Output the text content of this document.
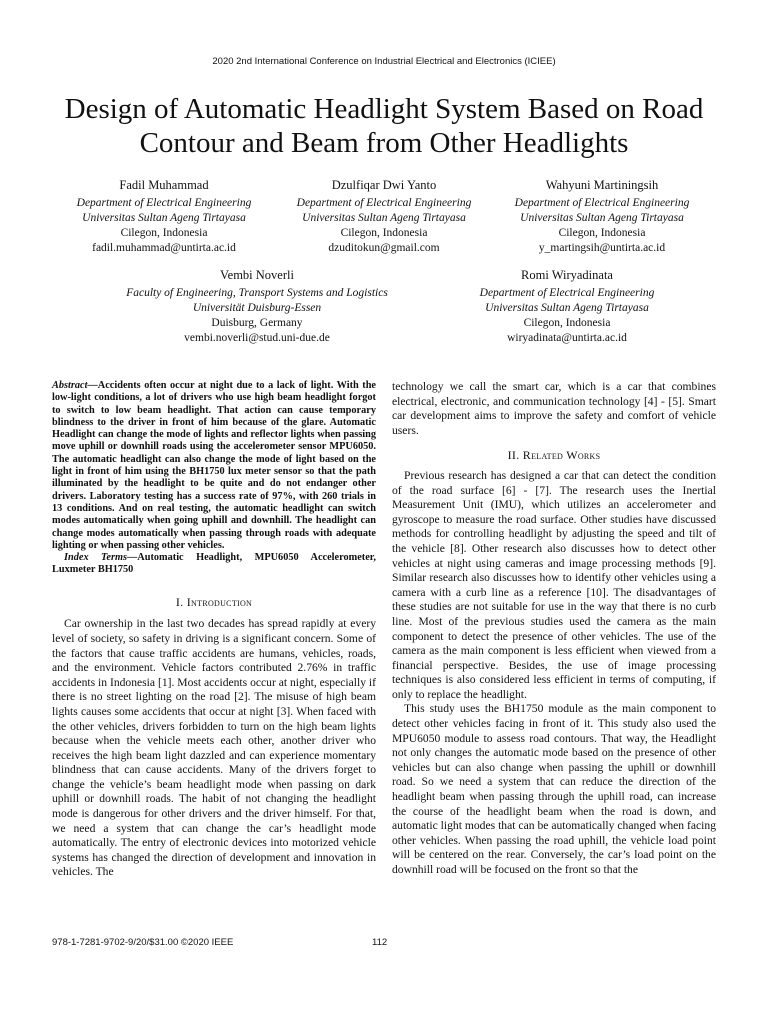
2020 2nd International Conference on Industrial Electrical and Electronics (ICIEE)
Design of Automatic Headlight System Based on Road Contour and Beam from Other Headlights
Fadil Muhammad
Department of Electrical Engineering
Universitas Sultan Ageng Tirtayasa
Cilegon, Indonesia
fadil.muhammad@untirta.ac.id
Dzulfiqar Dwi Yanto
Department of Electrical Engineering
Universitas Sultan Ageng Tirtayasa
Cilegon, Indonesia
dzuditokun@gmail.com
Wahyuni Martiningsih
Department of Electrical Engineering
Universitas Sultan Ageng Tirtayasa
Cilegon, Indonesia
y_martingsih@untirta.ac.id
Vembi Noverli
Faculty of Engineering, Transport Systems and Logistics
Universität Duisburg-Essen
Duisburg, Germany
vembi.noverli@stud.uni-due.de
Romi Wiryadinata
Department of Electrical Engineering
Universitas Sultan Ageng Tirtayasa
Cilegon, Indonesia
wiryadinata@untirta.ac.id

Abstract—Accidents often occur at night due to a lack of light. With the low-light conditions, a lot of drivers who use high beam headlight forgot to switch to low beam headlight. That action can cause temporary blindness to the driver in front of him because of the glare. Automatic Headlight can change the mode of lights and reflector lights when passing move uphill or downhill roads using the accelerometer sensor MPU6050. The automatic headlight can also change the mode of light based on the light in front of him using the BH1750 lux meter sensor so that the path illuminated by the headlight to be quite and do not endanger other drivers. Laboratory testing has a success rate of 97%, with 260 trials in 13 conditions. And on real testing, the automatic headlight can switch modes automatically when going uphill and downhill. The headlight can change modes automatically when passing through roads with adequate lighting or when passing other vehicles.

Index Terms—Automatic Headlight, MPU6050 Accelerometer, Luxmeter BH1750

I. Introduction

Car ownership in the last two decades has spread rapidly at every level of society, so safety in driving is a significant concern. Some of the factors that cause traffic accidents are humans, vehicles, roads, and the environment. Vehicle factors contributed 2.76% in traffic accidents in Indonesia [1]. Most accidents occur at night, especially if there is no street lighting on the road [2]. The misuse of high beam lights causes some accidents that occur at night [3]. When faced with the other vehicles, drivers forbidden to turn on the high beam lights because when the vehicle meets each other, another driver who receives the high beam light dazzled and can experience momentary blindness that can cause accidents. Many of the drivers forget to change the vehicle’s beam headlight mode when passing on dark uphill or downhill roads. The habit of not changing the headlight mode is dangerous for other drivers and the driver himself. For that, we need a system that can change the car’s headlight mode automatically. The entry of electronic devices into motorized vehicle systems has changed the direction of development and innovation in vehicles. The

technology we call the smart car, which is a car that combines electrical, electronic, and communication technology [4] - [5]. Smart car development aims to improve the safety and comfort of vehicle users.

II. Related Works

Previous research has designed a car that can detect the condition of the road surface [6] - [7]. The research uses the Inertial Measurement Unit (IMU), which utilizes an accelerometer and gyroscope to measure the road surface. Other studies have discussed methods for controlling headlight by adjusting the speed and tilt of the vehicle [8]. Other research also discusses how to detect other vehicles at night using cameras and image processing methods [9]. Similar research also discusses how to identify other vehicles using a camera with a curb line as a reference [10]. The disadvantages of these studies are not suitable for use in the way that there is no curb line. Most of the previous studies used the camera as the main component to detect the presence of other vehicles. The use of the camera as the main component is less efficient when viewed from a financial perspective. Besides, the use of image processing techniques is also considered less efficient in terms of computing, if only to replace the headlight.

This study uses the BH1750 module as the main component to detect other vehicles facing in front of it. This study also used the MPU6050 module to assess road contours. That way, the Headlight not only changes the automatic mode based on the presence of other vehicles but can also change when passing the uphill or downhill road. So we need a system that can reduce the direction of the headlight beam when passing through the uphill road, can increase the course of the headlight beam when the road is down, and automatic light modes that can be automatically changed when facing other vehicles. When passing the road uphill, the vehicle load point will be centered on the rear. Conversely, the car’s load point on the downhill road will be focused on the front so that the

978-1-7281-9702-9/20/$31.00 ©2020 IEEE	112
